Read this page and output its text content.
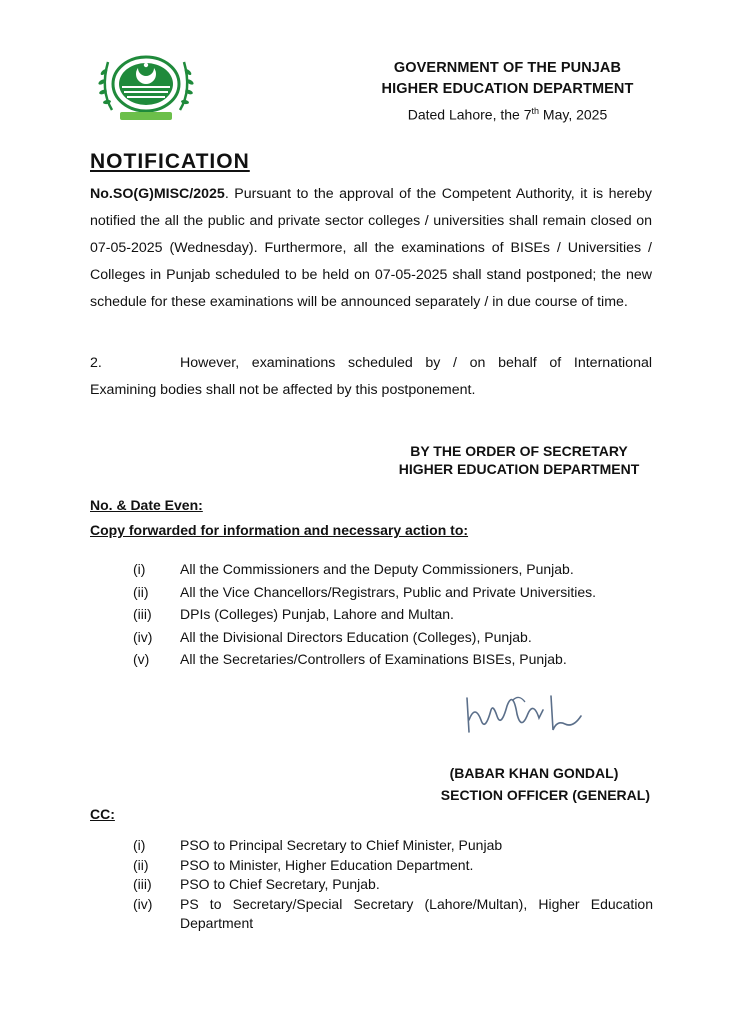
GOVERNMENT OF THE PUNJAB
HIGHER EDUCATION DEPARTMENT
Dated Lahore, the 7th May, 2025
NOTIFICATION
No.SO(G)MISC/2025. Pursuant to the approval of the Competent Authority, it is hereby notified the all the public and private sector colleges / universities shall remain closed on 07-05-2025 (Wednesday). Furthermore, all the examinations of BISEs / Universities / Colleges in Punjab scheduled to be held on 07-05-2025 shall stand postponed; the new schedule for these examinations will be announced separately / in due course of time.
2.	However, examinations scheduled by / on behalf of International Examining bodies shall not be affected by this postponement.
BY THE ORDER OF SECRETARY
HIGHER EDUCATION DEPARTMENT
No. & Date Even:
Copy forwarded for information and necessary action to:
(i)	All the Commissioners and the Deputy Commissioners, Punjab.
(ii)	All the Vice Chancellors/Registrars, Public and Private Universities.
(iii)	DPIs (Colleges) Punjab, Lahore and Multan.
(iv)	All the Divisional Directors Education (Colleges), Punjab.
(v)	All the Secretaries/Controllers of Examinations BISEs, Punjab.
(BABAR KHAN GONDAL)
SECTION OFFICER (GENERAL)
CC:
(i)	PSO to Principal Secretary to Chief Minister, Punjab
(ii)	PSO to Minister, Higher Education Department.
(iii)	PSO to Chief Secretary, Punjab.
(iv)	PS to Secretary/Special Secretary (Lahore/Multan), Higher Education Department
